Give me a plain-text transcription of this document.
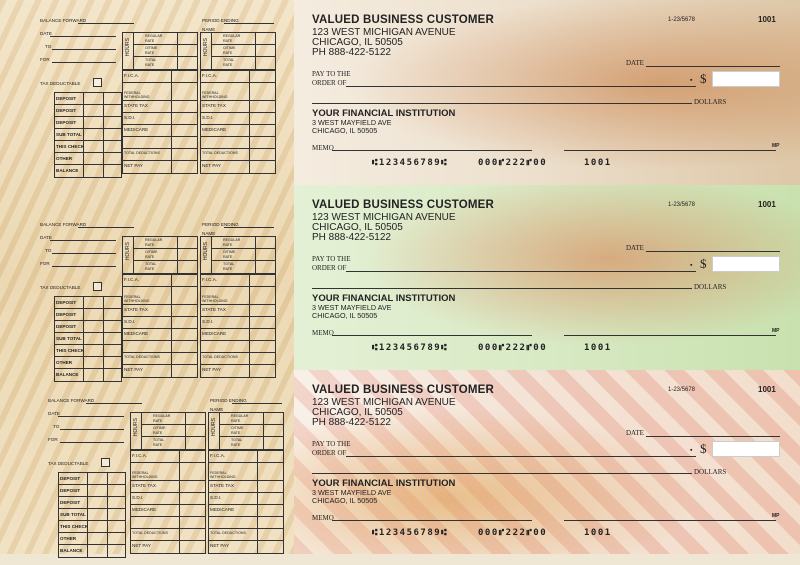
BALANCE FORWARD
DATE
TO
FOR
TAX DEDUCTABLE
DEPOSIT
DEPOSIT
DEPOSIT
SUB TOTAL
THIS CHECK
OTHER
BALANCE
PERIOD ENDING
NAME
HOURS
REGULAR
RATE
O/TIME
RATE
TOTAL
RATE
HOURS
REGULAR
RATE
O/TIME
RATE
TOTAL
RATE
F.I.C.A.
FEDERAL WITHHOLDING
STATE TAX
S.D.I.
MEDICARE
TOTAL DEDUCTIONS
NET PAY
F.I.C.A.
FEDERAL WITHHOLDING
STATE TAX
S.D.I.
MEDICARE
TOTAL DEDUCTIONS
NET PAY
BALANCE FORWARD
DATE
TO
FOR
TAX DEDUCTABLE
DEPOSIT
DEPOSIT
DEPOSIT
SUB TOTAL
THIS CHECK
OTHER
BALANCE
PERIOD ENDING
NAME
HOURS
REGULAR
RATE
O/TIME
RATE
TOTAL
RATE
HOURS
REGULAR
RATE
O/TIME
RATE
TOTAL
RATE
F.I.C.A.
FEDERAL WITHHOLDING
STATE TAX
S.D.I.
MEDICARE
TOTAL DEDUCTIONS
NET PAY
F.I.C.A.
FEDERAL WITHHOLDING
STATE TAX
S.D.I.
MEDICARE
TOTAL DEDUCTIONS
NET PAY
BALANCE FORWARD
DATE
TO
FOR
TAX DEDUCTABLE
DEPOSIT
DEPOSIT
DEPOSIT
SUB TOTAL
THIS CHECK
OTHER
BALANCE
PERIOD ENDING
NAME
HOURS
REGULAR
RATE
O/TIME
RATE
TOTAL
RATE
HOURS
REGULAR
RATE
O/TIME
RATE
TOTAL
RATE
F.I.C.A.
FEDERAL WITHHOLDING
STATE TAX
S.D.I.
MEDICARE
TOTAL DEDUCTIONS
NET PAY
F.I.C.A.
FEDERAL WITHHOLDING
STATE TAX
S.D.I.
MEDICARE
TOTAL DEDUCTIONS
NET PAY
VALUED BUSINESS CUSTOMER
123 WEST MICHIGAN AVENUE
CHICAGO, IL 50505
PH 888-422-5122
1-23/5678	1001
DATE
PAY TO THE
ORDER OF	▪ $
DOLLARS
YOUR FINANCIAL INSTITUTION
3 WEST MAYFIELD AVE
CHICAGO, IL 50505
MEMO	MP
⑆123456789⑆	000⑈222⑈00	1001
VALUED BUSINESS CUSTOMER
123 WEST MICHIGAN AVENUE
CHICAGO, IL 50505
PH 888-422-5122
1-23/5678	1001
DATE
PAY TO THE
ORDER OF	▪ $
DOLLARS
YOUR FINANCIAL INSTITUTION
3 WEST MAYFIELD AVE
CHICAGO, IL 50505
MEMO	MP
⑆123456789⑆	000⑈222⑈00	1001
VALUED BUSINESS CUSTOMER
123 WEST MICHIGAN AVENUE
CHICAGO, IL 50505
PH 888-422-5122
1-23/5678	1001
DATE
PAY TO THE
ORDER OF	▪ $
DOLLARS
YOUR FINANCIAL INSTITUTION
3 WEST MAYFIELD AVE
CHICAGO, IL 50505
MEMO	MP
⑆123456789⑆	000⑈222⑈00	1001
